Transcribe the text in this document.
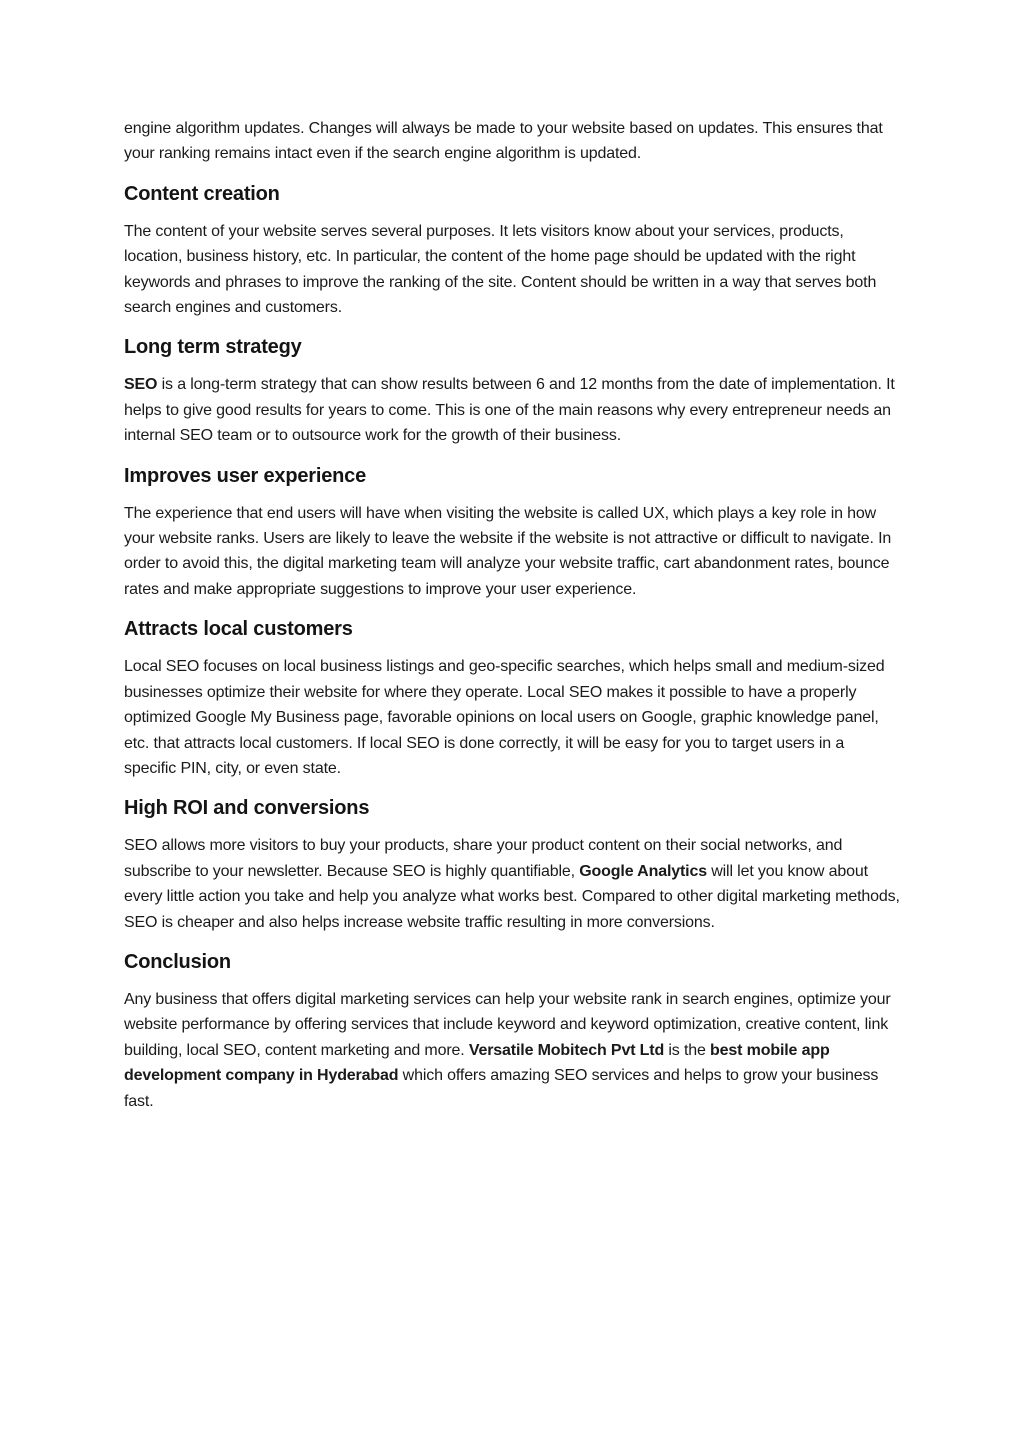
engine algorithm updates. Changes will always be made to your website based on updates. This ensures that your ranking remains intact even if the search engine algorithm is updated.

Content creation

The content of your website serves several purposes. It lets visitors know about your services, products, location, business history, etc. In particular, the content of the home page should be updated with the right keywords and phrases to improve the ranking of the site. Content should be written in a way that serves both search engines and customers.

Long term strategy

SEO is a long-term strategy that can show results between 6 and 12 months from the date of implementation. It helps to give good results for years to come. This is one of the main reasons why every entrepreneur needs an internal SEO team or to outsource work for the growth of their business.

Improves user experience

The experience that end users will have when visiting the website is called UX, which plays a key role in how your website ranks. Users are likely to leave the website if the website is not attractive or difficult to navigate. In order to avoid this, the digital marketing team will analyze your website traffic, cart abandonment rates, bounce rates and make appropriate suggestions to improve your user experience.

Attracts local customers

Local SEO focuses on local business listings and geo-specific searches, which helps small and medium-sized businesses optimize their website for where they operate. Local SEO makes it possible to have a properly optimized Google My Business page, favorable opinions on local users on Google, graphic knowledge panel, etc. that attracts local customers. If local SEO is done correctly, it will be easy for you to target users in a specific PIN, city, or even state.

High ROI and conversions

SEO allows more visitors to buy your products, share your product content on their social networks, and subscribe to your newsletter. Because SEO is highly quantifiable, Google Analytics will let you know about every little action you take and help you analyze what works best. Compared to other digital marketing methods, SEO is cheaper and also helps increase website traffic resulting in more conversions.

Conclusion

Any business that offers digital marketing services can help your website rank in search engines, optimize your website performance by offering services that include keyword and keyword optimization, creative content, link building, local SEO, content marketing and more. Versatile Mobitech Pvt Ltd is the best mobile app development company in Hyderabad which offers amazing SEO services and helps to grow your business fast.
